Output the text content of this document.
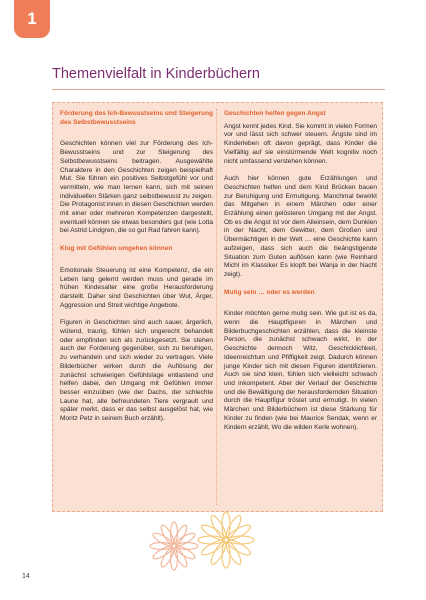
1
Themenvielfalt in Kinderbüchern
Förderung des Ich-Bewusstseins und Steigerung des Selbstbewusstseins

Geschichten können viel zur Förderung des Ich-Bewusstseins und zur Steigerung des Selbstbewusstseins beitragen. Ausgewählte Charaktere in den Geschichten zeigen beispielhaft Mut. Sie führen ein positives Selbstgefühl vor und vermitteln, wie man lernen kann, sich mit seinen individuellen Stärken ganz selbstbewusst zu zeigen. Die Protagonist:innen in diesen Geschichten werden mit einer oder mehreren Kompetenzen dargestellt, eventuell können sie etwas besonders gut (wie Lotta bei Astrid Lindgren, die so gut Rad fahren kann).

Klug mit Gefühlen umgehen können

Emotionale Steuerung ist eine Kompetenz, die ein Leben lang gelernt werden muss und gerade im frühen Kindesalter eine große Herausforderung darstellt. Daher sind Geschichten über Wut, Ärger, Aggression und Streit wichtige Angebote.

Figuren in Geschichten sind auch sauer, ärgerlich, wütend, traurig, fühlen sich ungerecht behandelt oder empfinden sich als zurückgesetzt. Sie stehen auch der Forderung gegenüber, sich zu beruhigen, zu verhandeln und sich wieder zu vertragen. Viele Bilderbücher wirken durch die Auflösung der zunächst schwierigen Gefühlslage entlastend und helfen dabei, den Umgang mit Gefühlen immer besser einzuüben (wie der Dachs, der schlechte Laune hat, alle befreundeten Tiere vergrault und später merkt, dass er das selbst ausgelöst hat, wie Moritz Petz in seinem Buch erzählt).

Geschichten helfen gegen Angst

Angst kennt jedes Kind. Sie kommt in vielen Formen vor und lässt sich schwer steuern. Ängste sind im Kinderleben oft davon geprägt, dass Kinder die Vielfältig auf sie einstürmende Welt kognitiv noch nicht umfassend verstehen können.

Auch hier können gute Erzählungen und Geschichten helfen und dem Kind Brücken bauen zur Beruhigung und Ermutigung. Manchmal bewirkt das Mitgehen in einem Märchen oder einer Erzählung einen gelösteren Umgang mit der Angst. Ob es die Angst ist vor dem Alleinsein, dem Dunklen in der Nacht, dem Gewitter, dem Großen und Übermächtigen in der Welt … eine Geschichte kann aufzeigen, dass sich auch die beängstigende Situation zum Guten auflösen kann (wie Reinhard Michl im Klassiker Es klopft bei Wanja in der Nacht zeigt).

Mutig sein … oder es werden

Kinder möchten gerne mutig sein. Wie gut ist es da, wenn die Hauptfiguren in Märchen und Bilderbuchgeschichten erzählen, dass die kleinste Person, die zunächst schwach wirkt, in der Geschichte dennoch Witz, Geschicklichkeit, Ideenreichtum und Pfiffigkeit zeigt. Dadurch können junge Kinder sich mit diesen Figuren identifizieren. Auch sie sind klein, fühlen sich vielleicht schwach und inkompetent. Aber der Verlauf der Geschichte und die Bewältigung der herausfordernden Situation durch die Hauptfigur tröstet und ermutigt. In vielen Märchen und Bilderbüchern ist diese Stärkung für Kinder zu finden (wie bei Maurice Sendak, wenn er Kindern erzählt, Wo die wilden Kerle wohnen).

14
